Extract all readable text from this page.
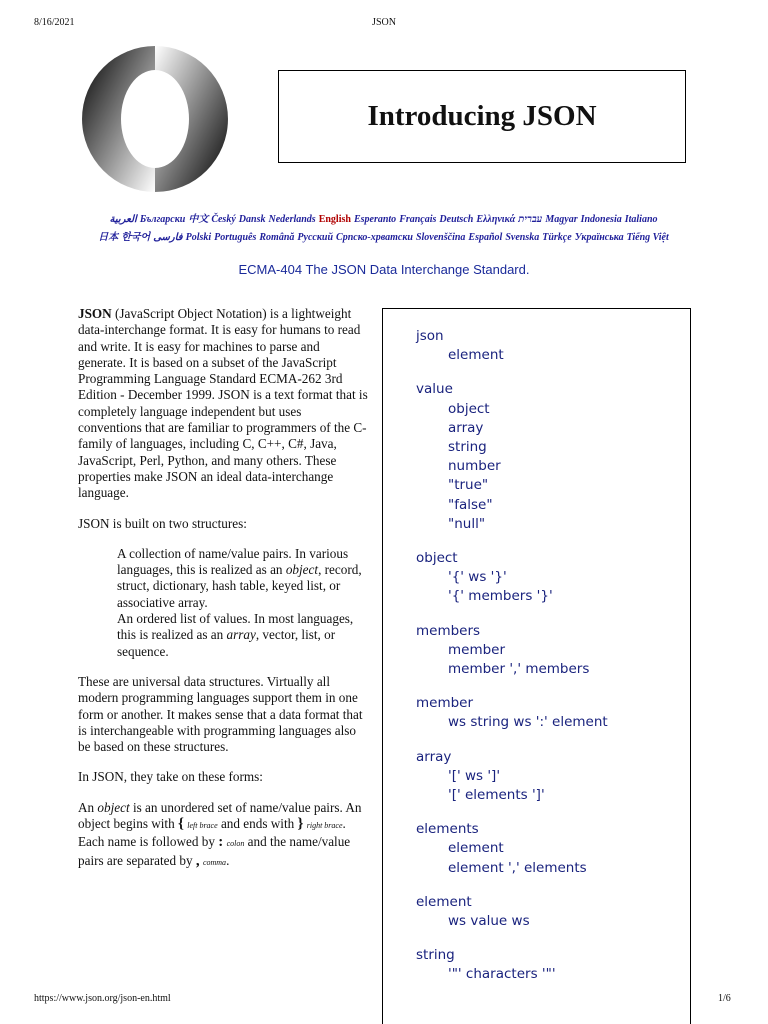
8/16/2021	JSON
Introducing JSON
العربية Български 中文 Český Dansk Nederlands English Esperanto Français Deutsch Ελληνικά עברית Magyar Indonesia Italiano
日本 한국어 فارسی Polski Português Română Русский Српско-хрватски Slovenščina Español Svenska Türkçe Українська Tiếng Việt
ECMA-404 The JSON Data Interchange Standard.

JSON (JavaScript Object Notation) is a lightweight data-interchange format. It is easy for humans to read and write. It is easy for machines to parse and generate. It is based on a subset of the JavaScript Programming Language Standard ECMA-262 3rd Edition - December 1999. JSON is a text format that is completely language independent but uses conventions that are familiar to programmers of the C-family of languages, including C, C++, C#, Java, JavaScript, Perl, Python, and many others. These properties make JSON an ideal data-interchange language.

JSON is built on two structures:

A collection of name/value pairs. In various languages, this is realized as an object, record, struct, dictionary, hash table, keyed list, or associative array.

An ordered list of values. In most languages, this is realized as an array, vector, list, or sequence.

These are universal data structures. Virtually all modern programming languages support them in one form or another. It makes sense that a data format that is interchangeable with programming languages also be based on these structures.

In JSON, they take on these forms:

An object is an unordered set of name/value pairs. An object begins with { left brace and ends with } right brace. Each name is followed by : colon and the name/value pairs are separated by , comma.

json
element
value
object
array
string
number
"true"
"false"
"null"
object
'{' ws '}'
'{' members '}'
members
member
member ',' members
member
ws string ws ':' element
array
'[' ws ']'
'[' elements ']'
elements
element
element ',' elements
element
ws value ws
string
'"' characters '"'
https://www.json.org/json-en.html	1/6
